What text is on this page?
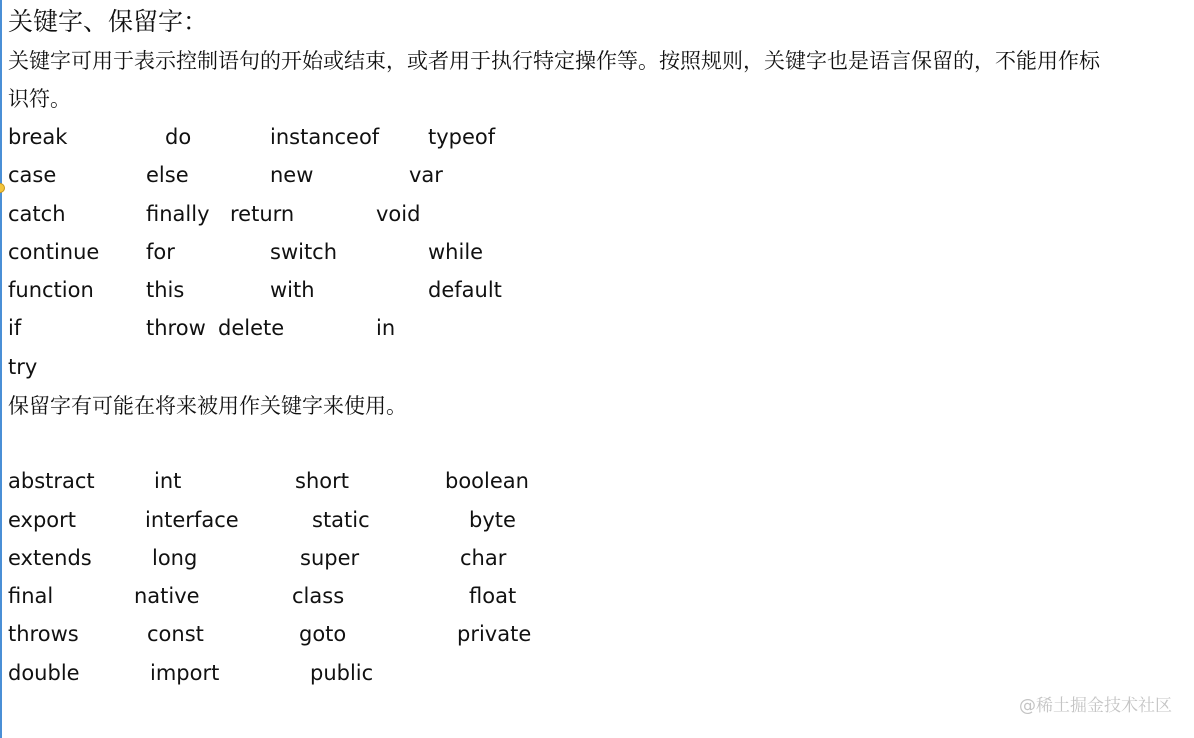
关键字、保留字：
关键字可用于表示控制语句的开始或结束，或者用于执行特定操作等。按照规则，关键字也是语言保留的，不能用作标
识符。
break	do	instanceof typeof
case	else	new	var
catch	finally return	void
continue for	switch	while
function this	with	default
if	throw delete	in
try
保留字有可能在将来被用作关键字来使用。
abstract	int	short	boolean
export	interface	static	byte
extends	long	super	char
final	native	class	float
throws	const	goto	private
double	import	public
@稀土掘金技术社区
